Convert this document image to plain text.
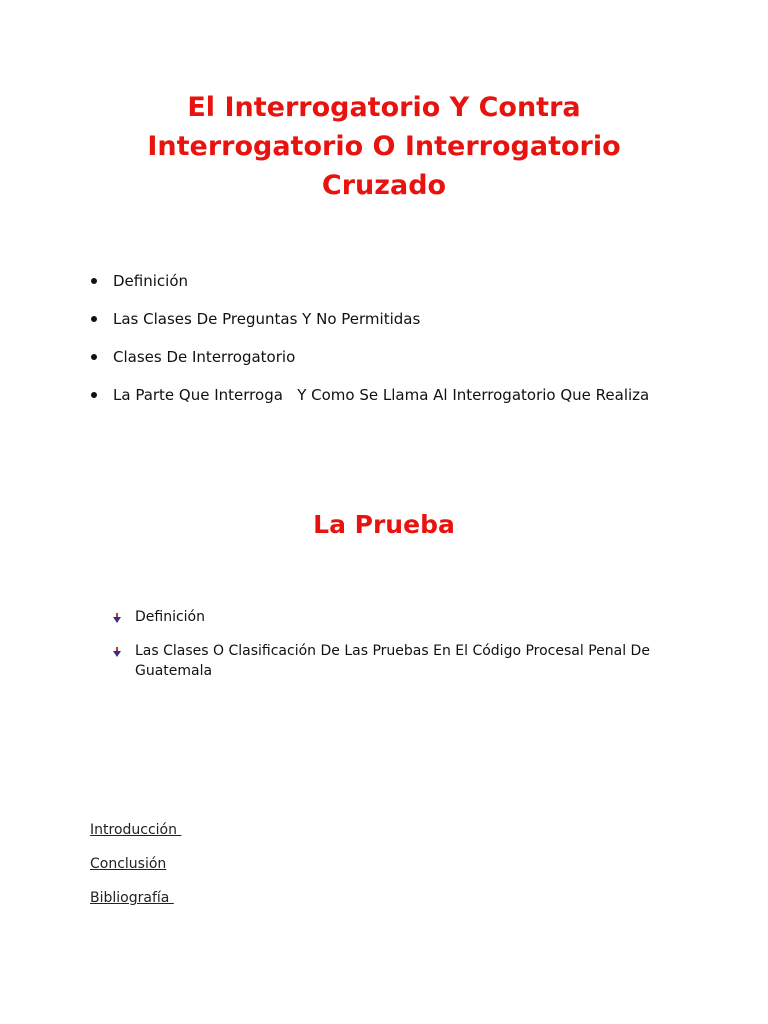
El Interrogatorio Y Contra Interrogatorio O Interrogatorio Cruzado
Definición
Las Clases De Preguntas Y No Permitidas
Clases De Interrogatorio
La Parte Que Interroga   Y Como Se Llama Al Interrogatorio Que Realiza
La Prueba
Definición
Las Clases O Clasificación De Las Pruebas En El Código Procesal Penal De Guatemala
Introducción
Conclusión
Bibliografía
